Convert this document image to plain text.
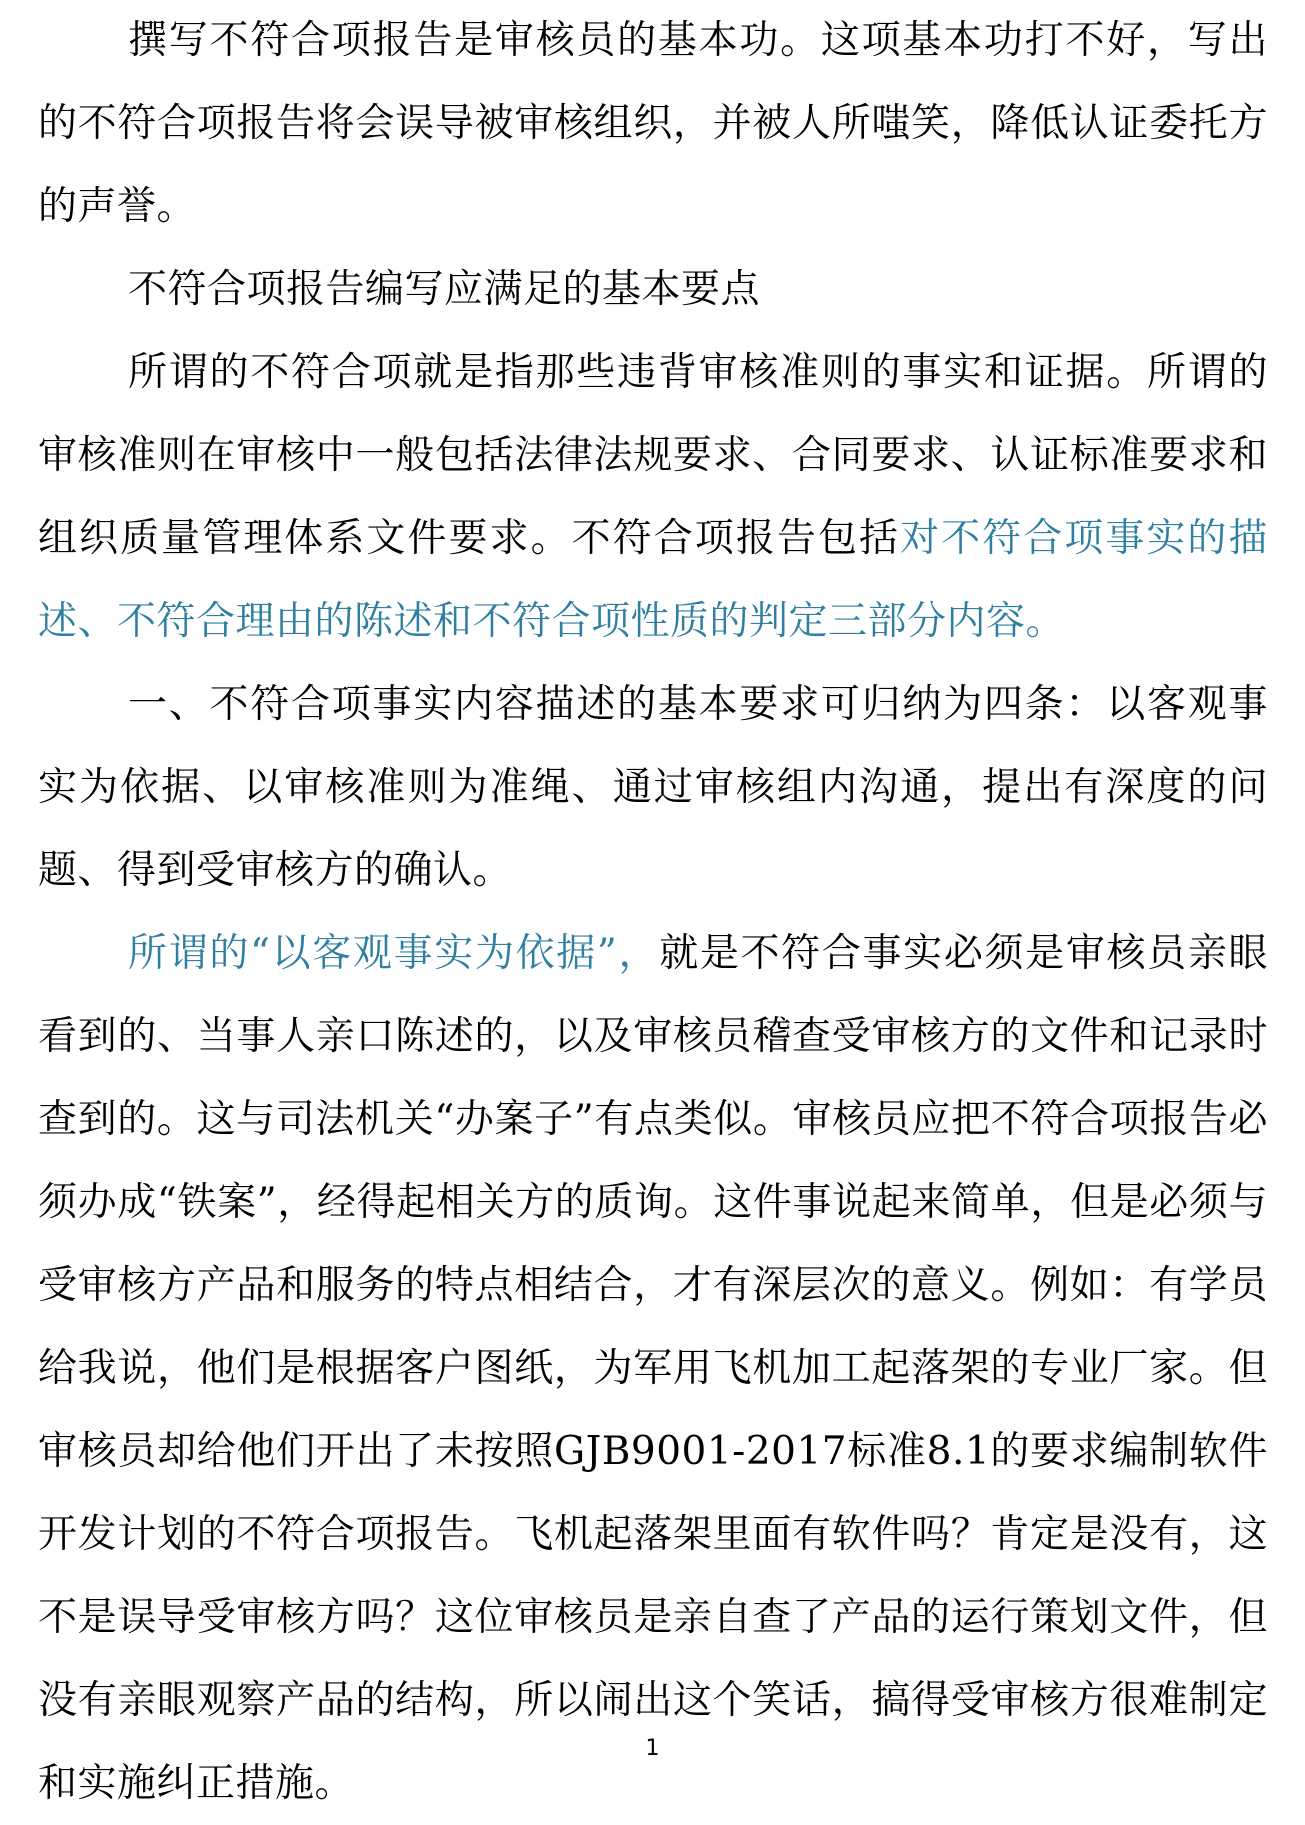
撰写不符合项报告是审核员的基本功。这项基本功打不好，写出的不符合项报告将会误导被审核组织，并被人所嗤笑，降低认证委托方的声誉。

不符合项报告编写应满足的基本要点

所谓的不符合项就是指那些违背审核准则的事实和证据。所谓的审核准则在审核中一般包括法律法规要求、合同要求、认证标准要求和组织质量管理体系文件要求。不符合项报告包括对不符合项事实的描述、不符合理由的陈述和不符合项性质的判定三部分内容。

一、不符合项事实内容描述的基本要求可归纳为四条：以客观事实为依据、以审核准则为准绳、通过审核组内沟通，提出有深度的问题、得到受审核方的确认。

所谓的“以客观事实为依据”，就是不符合事实必须是审核员亲眼看到的、当事人亲口陈述的，以及审核员稽查受审核方的文件和记录时查到的。这与司法机关“办案子”有点类似。审核员应把不符合项报告必须办成“铁案”，经得起相关方的质询。这件事说起来简单，但是必须与受审核方产品和服务的特点相结合，才有深层次的意义。例如：有学员给我说，他们是根据客户图纸，为军用飞机加工起落架的专业厂家。但审核员却给他们开出了未按照GJB9001-2017标准8.1的要求编制软件开发计划的不符合项报告。飞机起落架里面有软件吗？肯定是没有，这不是误导受审核方吗？这位审核员是亲自查了产品的运行策划文件，但没有亲眼观察产品的结构，所以闹出这个笑话，搞得受审核方很难制定和实施纠正措施。

1
